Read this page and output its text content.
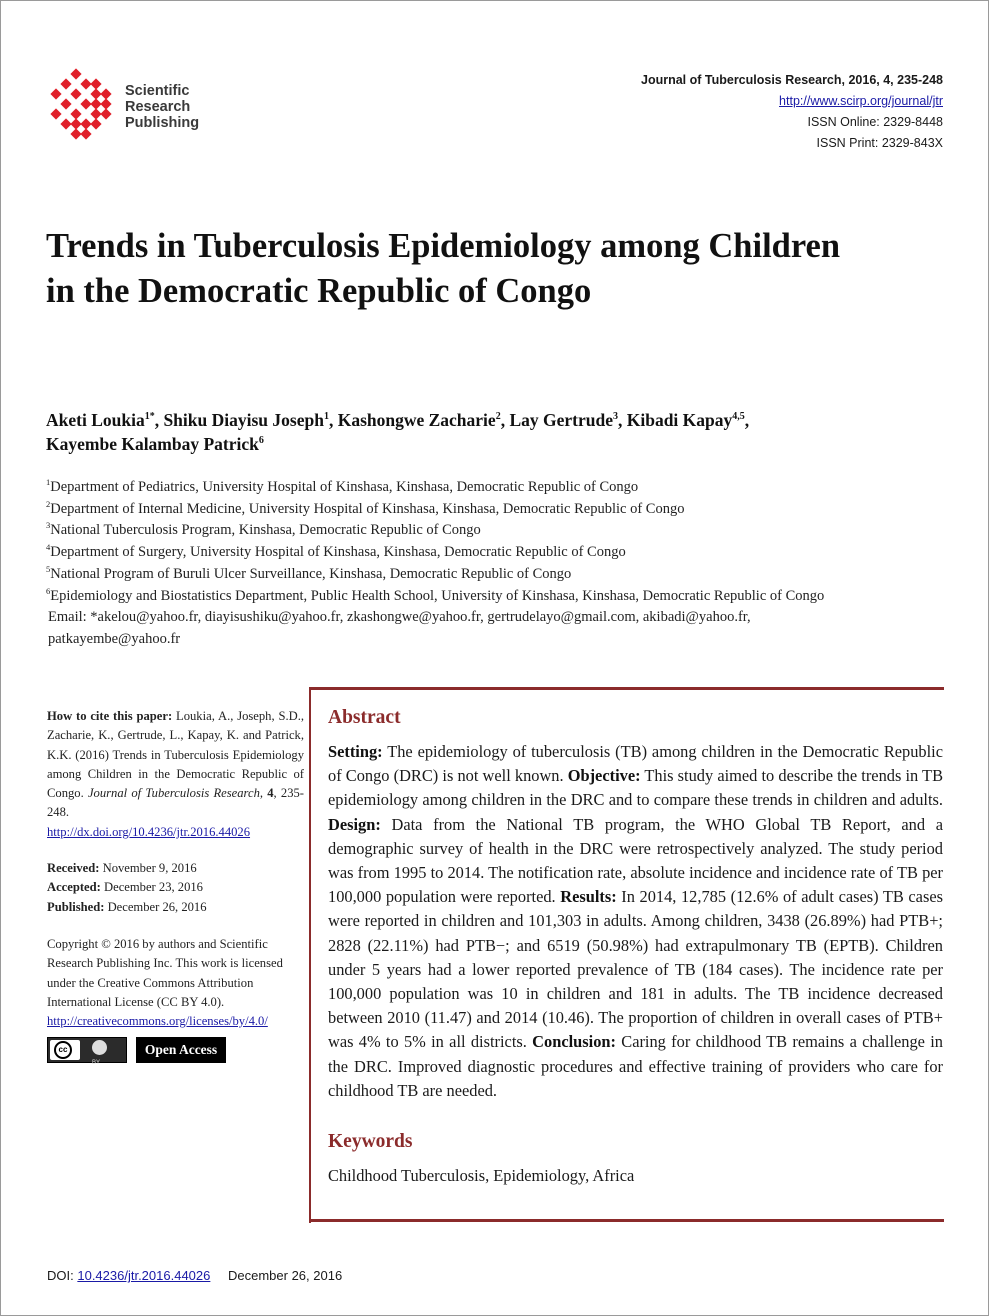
Scientific
Research
Publishing
Journal of Tuberculosis Research, 2016, 4, 235-248
http://www.scirp.org/journal/jtr
ISSN Online: 2329-8448
ISSN Print: 2329-843X
Trends in Tuberculosis Epidemiology among Children in the Democratic Republic of Congo
Aketi Loukia$^{1*}$, Shiku Diayisu Joseph$^1$, Kashongwe Zacharie$^2$, Lay Gertrude$^3$, Kibadi Kapay$^{4,5}$,
Kayembe Kalambay Patrick$^6$
$^1$Department of Pediatrics, University Hospital of Kinshasa, Kinshasa, Democratic Republic of Congo
$^2$Department of Internal Medicine, University Hospital of Kinshasa, Kinshasa, Democratic Republic of Congo
$^3$National Tuberculosis Program, Kinshasa, Democratic Republic of Congo
$^4$Department of Surgery, University Hospital of Kinshasa, Kinshasa, Democratic Republic of Congo
$^5$National Program of Buruli Ulcer Surveillance, Kinshasa, Democratic Republic of Congo
$^6$Epidemiology and Biostatistics Department, Public Health School, University of Kinshasa, Kinshasa, Democratic Republic of Congo
Email: *akelou@yahoo.fr, diayisushiku@yahoo.fr, zkashongwe@yahoo.fr, gertrudelayo@gmail.com, akibadi@yahoo.fr,
patkayembe@yahoo.fr
How to cite this paper: Loukia, A., Joseph, S.D., Zacharie, K., Gertrude, L., Kapay, K. and Patrick, K.K. (2016) Trends in Tuberculosis Epidemiology among Children in the Democratic Republic of Congo. Journal of Tuberculosis Research, 4, 235-248.
http://dx.doi.org/10.4236/jtr.2016.44026
Received: November 9, 2016
Accepted: December 23, 2016
Published: December 26, 2016
Copyright © 2016 by authors and Scientific Research Publishing Inc. This work is licensed under the Creative Commons Attribution International License (CC BY 4.0).
http://creativecommons.org/licenses/by/4.0/
cc
BY
Open Access
Abstract

Setting: The epidemiology of tuberculosis (TB) among children in the Democratic Republic of Congo (DRC) is not well known. Objective: This study aimed to describe the trends in TB epidemiology among children in the DRC and to compare these trends in children and adults. Design: Data from the National TB program, the WHO Global TB Report, and a demographic survey of health in the DRC were retrospectively analyzed. The study period was from 1995 to 2014. The notification rate, absolute incidence and incidence rate of TB per 100,000 population were reported. Results: In 2014, 12,785 (12.6% of adult cases) TB cases were reported in children and 101,303 in adults. Among children, 3438 (26.89%) had PTB+; 2828 (22.11%) had PTB−; and 6519 (50.98%) had extrapulmonary TB (EPTB). Children under 5 years had a lower reported prevalence of TB (184 cases). The incidence rate per 100,000 population was 10 in children and 181 in adults. The TB incidence decreased between 2010 (11.47) and 2014 (10.46). The proportion of children in overall cases of PTB+ was 4% to 5% in all districts. Conclusion: Caring for childhood TB remains a challenge in the DRC. Improved diagnostic procedures and effective training of providers who care for childhood TB are needed.

Keywords
Childhood Tuberculosis, Epidemiology, Africa
DOI: 10.4236/jtr.2016.44026 December 26, 2016
